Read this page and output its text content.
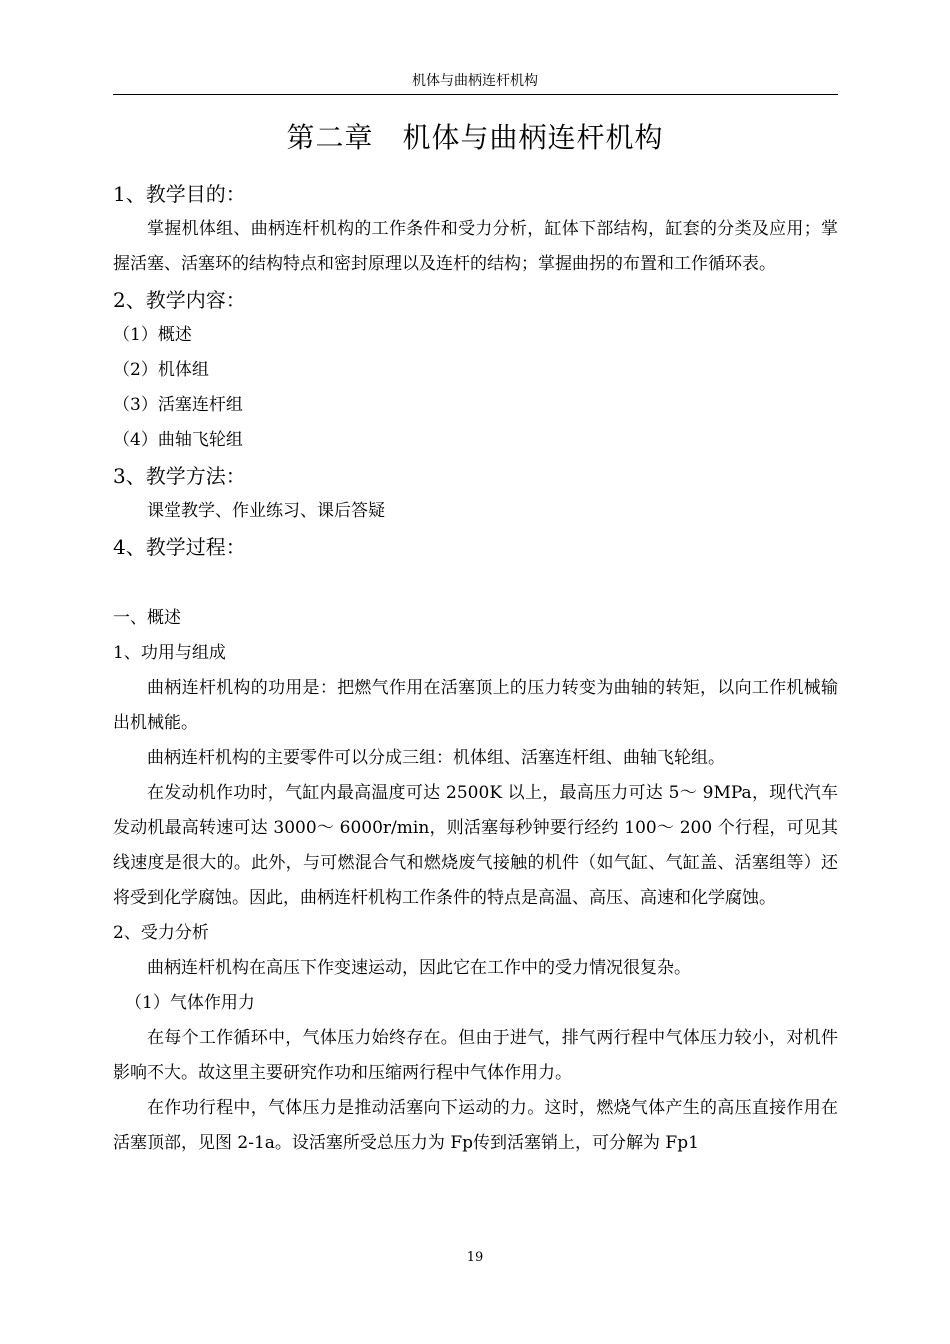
机体与曲柄连杆机构
第二章　机体与曲柄连杆机构

1、教学目的：

掌握机体组、曲柄连杆机构的工作条件和受力分析，缸体下部结构，缸套的分类及应用；掌握活塞、活塞环的结构特点和密封原理以及连杆的结构；掌握曲拐的布置和工作循环表。

2、教学内容：

（1）概述

（2）机体组

（3）活塞连杆组

（4）曲轴飞轮组

3、教学方法：

课堂教学、作业练习、课后答疑

4、教学过程：

一、概述

1、功用与组成

曲柄连杆机构的功用是：把燃气作用在活塞顶上的压力转变为曲轴的转矩，以向工作机械输出机械能。

曲柄连杆机构的主要零件可以分成三组：机体组、活塞连杆组、曲轴飞轮组。

在发动机作功时，气缸内最高温度可达 2500K 以上，最高压力可达 5～ 9MPa，现代汽车发动机最高转速可达 3000～ 6000r/min，则活塞每秒钟要行经约 100～ 200 个行程，可见其线速度是很大的。此外，与可燃混合气和燃烧废气接触的机件（如气缸、气缸盖、活塞组等）还将受到化学腐蚀。因此，曲柄连杆机构工作条件的特点是高温、高压、高速和化学腐蚀。

2、受力分析

曲柄连杆机构在高压下作变速运动，因此它在工作中的受力情况很复杂。

（1）气体作用力

在每个工作循环中，气体压力始终存在。但由于进气，排气两行程中气体压力较小，对机件影响不大。故这里主要研究作功和压缩两行程中气体作用力。

在作功行程中，气体压力是推动活塞向下运动的力。这时，燃烧气体产生的高压直接作用在活塞顶部，见图 2-1a。设活塞所受总压力为 Fp传到活塞销上，可分解为 Fp1

19
